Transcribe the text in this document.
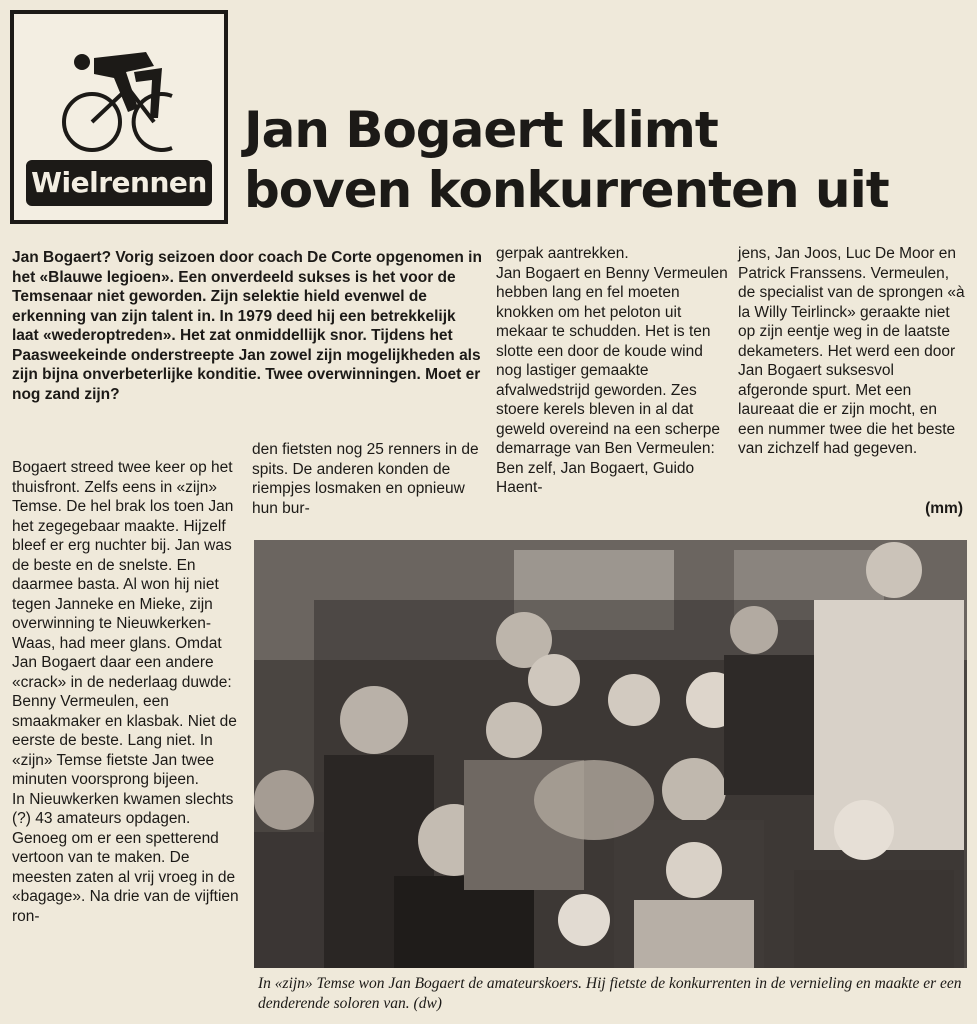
Wielrennen
Jan Bogaert klimt
boven konkurrenten uit
Jan Bogaert? Vorig seizoen door coach De Corte opgenomen in het «Blauwe legioen». Een onverdeeld sukses is het voor de Temsenaar niet geworden. Zijn selektie hield evenwel de erkenning van zijn talent in. In 1979 deed hij een betrekkelijk laat «wederoptreden». Het zat onmiddellijk snor. Tijdens het Paasweekeinde onderstreepte Jan zowel zijn mogelijkheden als zijn bijna onverbeterlijke konditie. Twee overwinningen. Moet er nog zand zijn?

Bogaert streed twee keer op het thuisfront. Zelfs eens in «zijn» Temse. De hel brak los toen Jan het zegegebaar maakte. Hijzelf bleef er erg nuchter bij. Jan was de beste en de snelste. En daarmee basta. Al won hij niet tegen Janneke en Mieke, zijn overwinning te Nieuwkerken-Waas, had meer glans. Omdat Jan Bogaert daar een andere «crack» in de nederlaag duwde: Benny Vermeulen, een smaakmaker en klasbak. Niet de eerste de beste. Lang niet. In «zijn» Temse fietste Jan twee minuten voorsprong bijeen.

In Nieuwkerken kwamen slechts (?) 43 amateurs opdagen. Genoeg om er een spetterend vertoon van te maken. De meesten zaten al vrij vroeg in de «bagage». Na drie van de vijftien ron-

den fietsten nog 25 renners in de spits. De anderen konden de riempjes losmaken en opnieuw hun bur-

gerpak aantrekken.

Jan Bogaert en Benny Vermeulen hebben lang en fel moeten knokken om het peloton uit mekaar te schudden. Het is ten slotte een door de koude wind nog lastiger gemaakte afvalwedstrijd geworden. Zes stoere kerels bleven in al dat geweld overeind na een scherpe demarrage van Ben Vermeulen: Ben zelf, Jan Bogaert, Guido Haent-

jens, Jan Joos, Luc De Moor en Patrick Franssens. Vermeulen, de specialist van de sprongen «à la Willy Teirlinck» geraakte niet op zijn eentje weg in de laatste dekameters. Het werd een door Jan Bogaert suksesvol afgeronde spurt. Met een laureaat die er zijn mocht, en een nummer twee die het beste van zichzelf had gegeven.

(mm)
In «zijn» Temse won Jan Bogaert de amateurskoers. Hij fietste de konkurrenten in de vernieling en maakte er een denderende soloren van. (dw)
